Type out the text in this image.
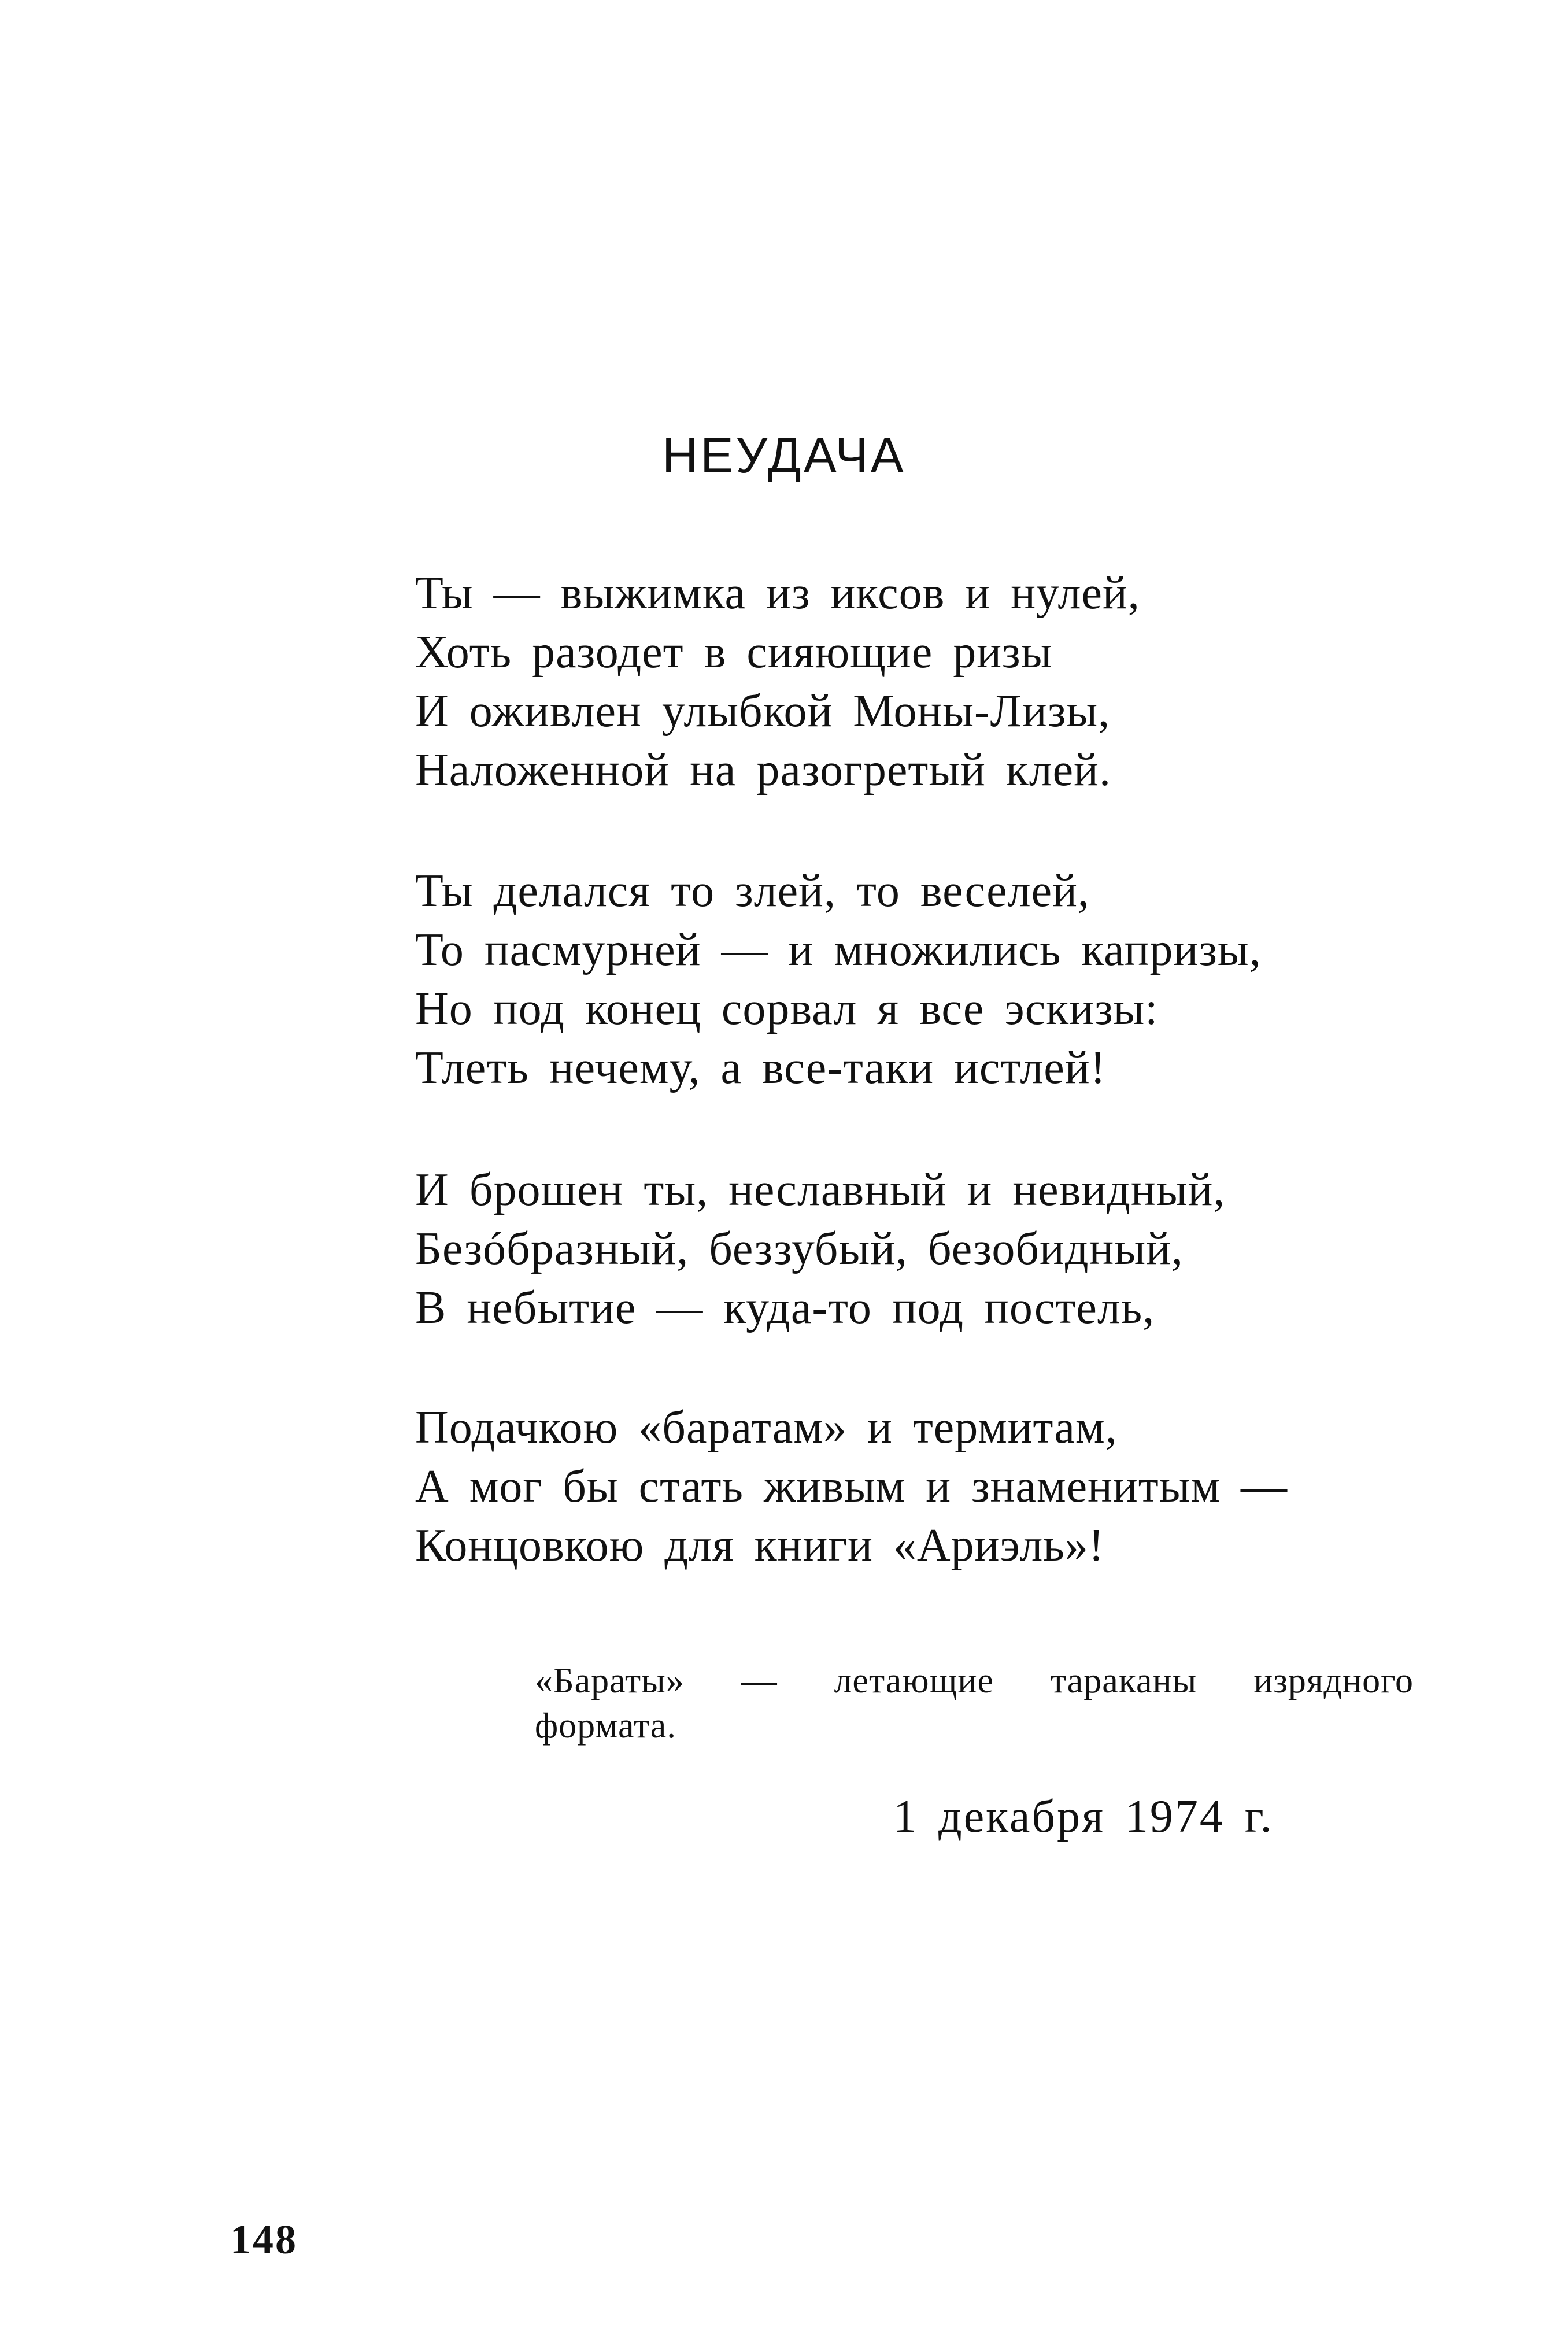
НЕУДАЧА
Ты — выжимка из иксов и нулей,
Хоть разодет в сияющие ризы
И оживлен улыбкой Моны-Лизы,
Наложенной на разогретый клей.
Ты делался то злей, то веселей,
То пасмурней — и множились капризы,
Но под конец сорвал я все эскизы:
Тлеть нечему, а все-таки истлей!
И брошен ты, неславный и невидный,
Безóбразный, беззубый, безобидный,
В небытие — куда-то под постель,
Подачкою «баратам» и термитам,
А мог бы стать живым и знаменитым —
Концовкою для книги «Ариэль»!
«Бараты» — летающие тараканы изрядного
формата.
1 декабря 1974 г.
148
